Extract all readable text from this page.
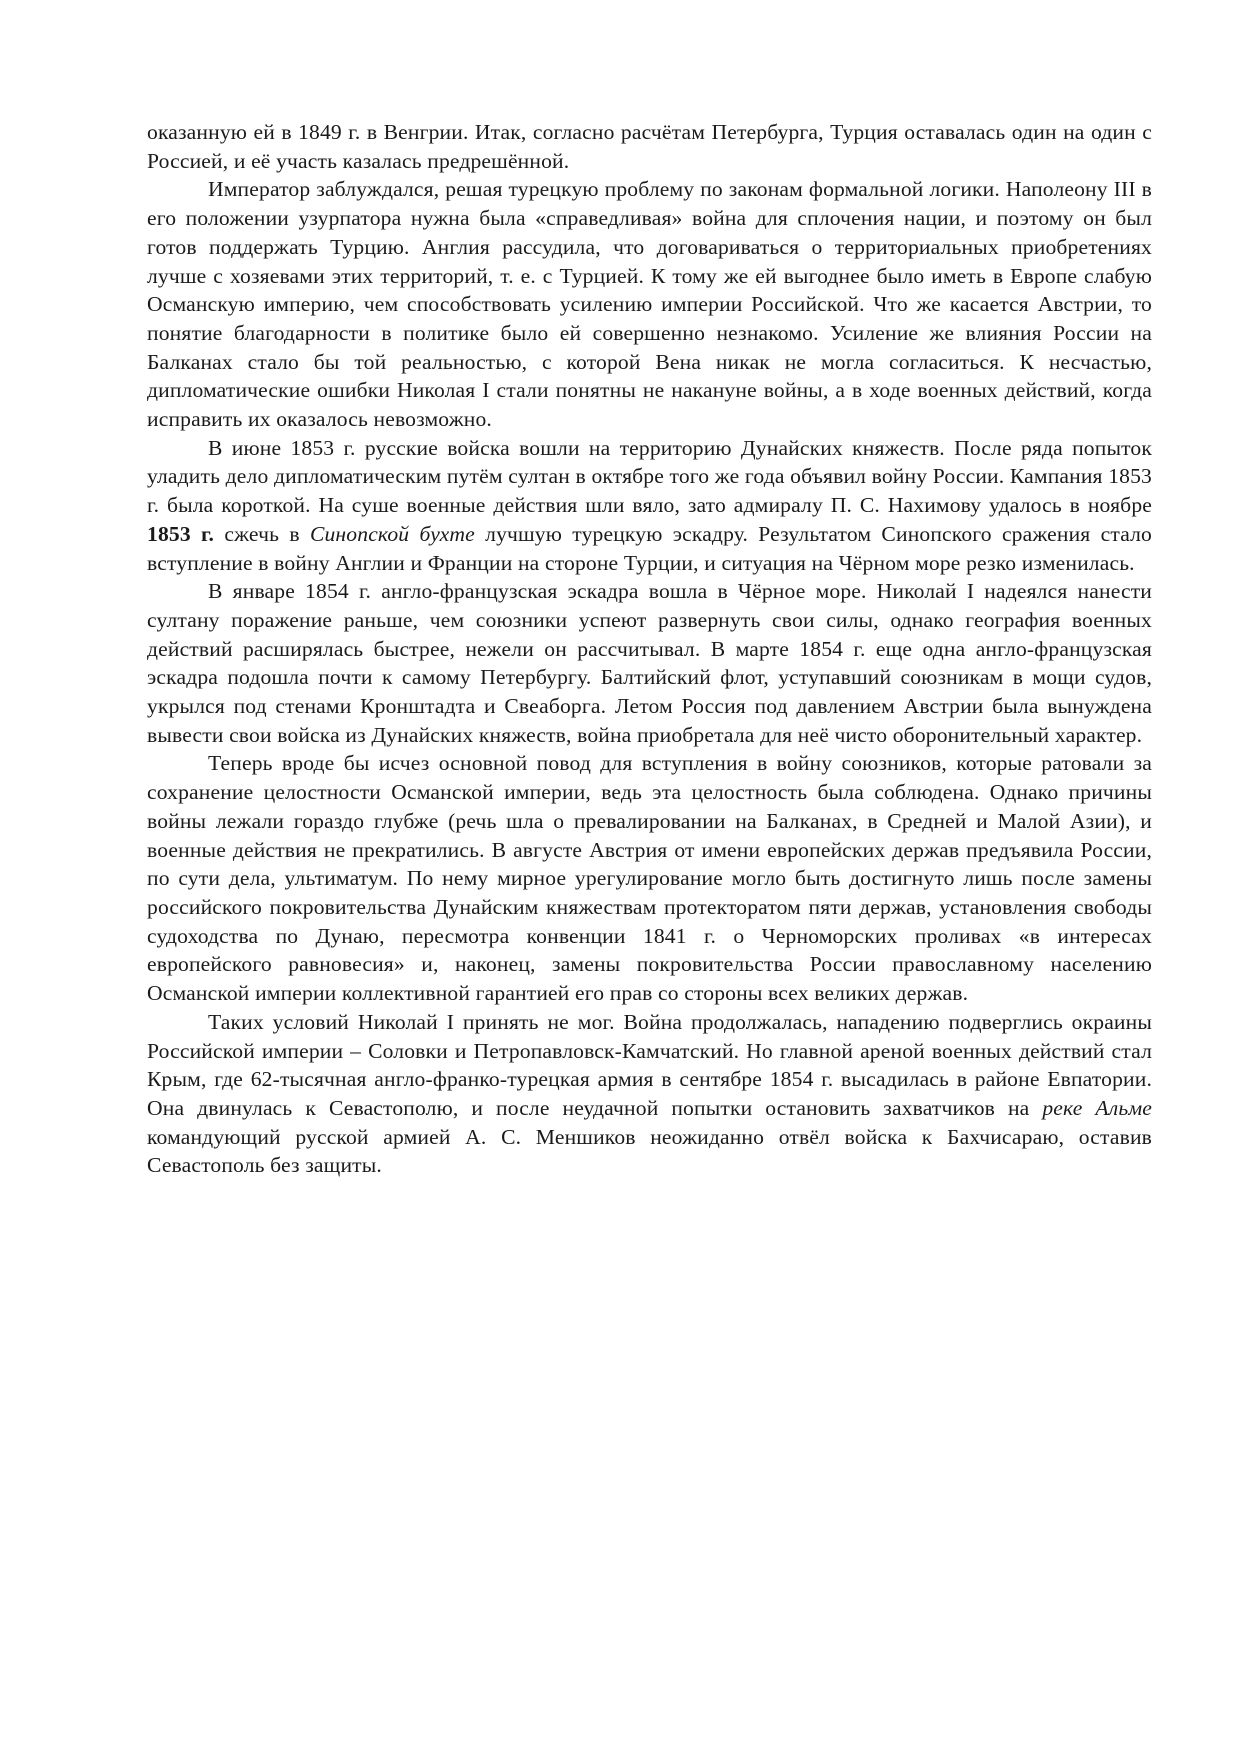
оказанную ей в 1849 г. в Венгрии. Итак, согласно расчётам Петербурга, Турция оставалась один на один с Россией, и её участь казалась предрешённой.

Император заблуждался, решая турецкую проблему по законам формальной логики. Наполеону III в его положении узурпатора нужна была «справедливая» война для сплочения нации, и поэтому он был готов поддержать Турцию. Англия рассудила, что договариваться о территориальных приобретениях лучше с хозяевами этих территорий, т. е. с Турцией. К тому же ей выгоднее было иметь в Европе слабую Османскую империю, чем способствовать усилению империи Российской. Что же касается Австрии, то понятие благодарности в политике было ей совершенно незнакомо. Усиление же влияния России на Балканах стало бы той реальностью, с которой Вена никак не могла согласиться. К несчастью, дипломатические ошибки Николая I стали понятны не накануне войны, а в ходе военных действий, когда исправить их оказалось невозможно.

В июне 1853 г. русские войска вошли на территорию Дунайских княжеств. После ряда попыток уладить дело дипломатическим путём султан в октябре того же года объявил войну России. Кампания 1853 г. была короткой. На суше военные действия шли вяло, зато адмиралу П. С. Нахимову удалось в ноябре 1853 г. сжечь в Синопской бухте лучшую турецкую эскадру. Результатом Синопского сражения стало вступление в войну Англии и Франции на стороне Турции, и ситуация на Чёрном море резко изменилась.

В январе 1854 г. англо-французская эскадра вошла в Чёрное море. Николай I надеялся нанести султану поражение раньше, чем союзники успеют развернуть свои силы, однако география военных действий расширялась быстрее, нежели он рассчитывал. В марте 1854 г. еще одна англо-французская эскадра подошла почти к самому Петербургу. Балтийский флот, уступавший союзникам в мощи судов, укрылся под стенами Кронштадта и Свеаборга. Летом Россия под давлением Австрии была вынуждена вывести свои войска из Дунайских княжеств, война приобретала для неё чисто оборонительный характер.

Теперь вроде бы исчез основной повод для вступления в войну союзников, которые ратовали за сохранение целостности Османской империи, ведь эта целостность была соблюдена. Однако причины войны лежали гораздо глубже (речь шла о превалировании на Балканах, в Средней и Малой Азии), и военные действия не прекратились. В августе Австрия от имени европейских держав предъявила России, по сути дела, ультиматум. По нему мирное урегулирование могло быть достигнуто лишь после замены российского покровительства Дунайским княжествам протекторатом пяти держав, установления свободы судоходства по Дунаю, пересмотра конвенции 1841 г. о Черноморских проливах «в интересах европейского равновесия» и, наконец, замены покровительства России православному населению Османской империи коллективной гарантией его прав со стороны всех великих держав.

Таких условий Николай I принять не мог. Война продолжалась, нападению подверглись окраины Российской империи – Соловки и Петропавловск-Камчатский. Но главной ареной военных действий стал Крым, где 62-тысячная англо-франко-турецкая армия в сентябре 1854 г. высадилась в районе Евпатории. Она двинулась к Севастополю, и после неудачной попытки остановить захватчиков на реке Альме командующий русской армией А. С. Меншиков неожиданно отвёл войска к Бахчисараю, оставив Севастополь без защиты.
